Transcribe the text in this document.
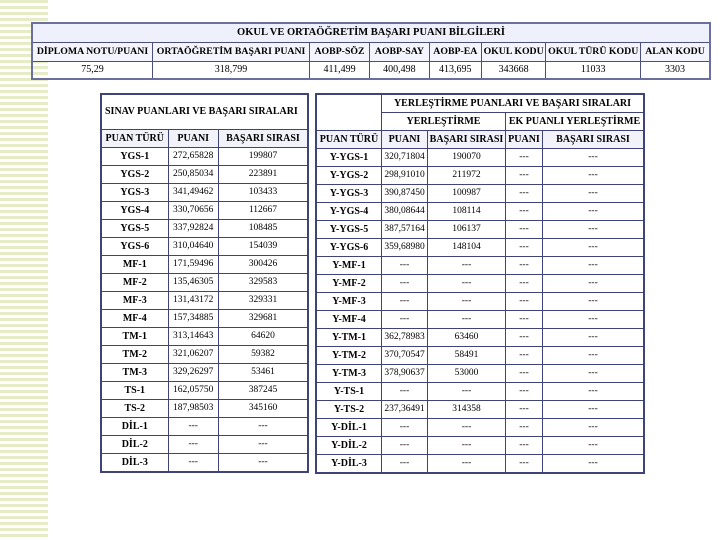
OKUL VE ORTAÖĞRETİM BAŞARI PUANI BİLGİLERİ							
DİPLOMA NOTU/PUANI	ORTAÖĞRETİM BAŞARI PUANI	AOBP-SÖZ	AOBP-SAY	AOBP-EA	OKUL KODU	OKUL TÜRÜ KODU	ALAN KODU
75,29	318,799	411,499	400,498	413,695	343668	11033	3303
SINAV PUANLARI VE BAŞARI SIRALARI		
PUAN TÜRÜ	PUANI	BAŞARI SIRASI
YGS-1	272,65828	199807
YGS-2	250,85034	223891
YGS-3	341,49462	103433
YGS-4	330,70656	112667
YGS-5	337,92824	108485
YGS-6	310,04640	154039
MF-1	171,59496	300426
MF-2	135,46305	329583
MF-3	131,43172	329331
MF-4	157,34885	329681
TM-1	313,14643	64620
TM-2	321,06207	59382
TM-3	329,26297	53461
TS-1	162,05750	387245
TS-2	187,98503	345160
DİL-1	---	---
DİL-2	---	---
DİL-3	---	---
	YERLEŞTİRME PUANLARI VE BAŞARI SIRALARI			
	YERLEŞTİRME		EK PUANLI YERLEŞTİRME	
PUAN TÜRÜ	PUANI	BAŞARI SIRASI	PUANI	BAŞARI SIRASI
Y-YGS-1	320,71804	190070	---	---
Y-YGS-2	298,91010	211972	---	---
Y-YGS-3	390,87450	100987	---	---
Y-YGS-4	380,08644	108114	---	---
Y-YGS-5	387,57164	106137	---	---
Y-YGS-6	359,68980	148104	---	---
Y-MF-1	---	---	---	---
Y-MF-2	---	---	---	---
Y-MF-3	---	---	---	---
Y-MF-4	---	---	---	---
Y-TM-1	362,78983	63460	---	---
Y-TM-2	370,70547	58491	---	---
Y-TM-3	378,90637	53000	---	---
Y-TS-1	---	---	---	---
Y-TS-2	237,36491	314358	---	---
Y-DİL-1	---	---	---	---
Y-DİL-2	---	---	---	---
Y-DİL-3	---	---	---	---
